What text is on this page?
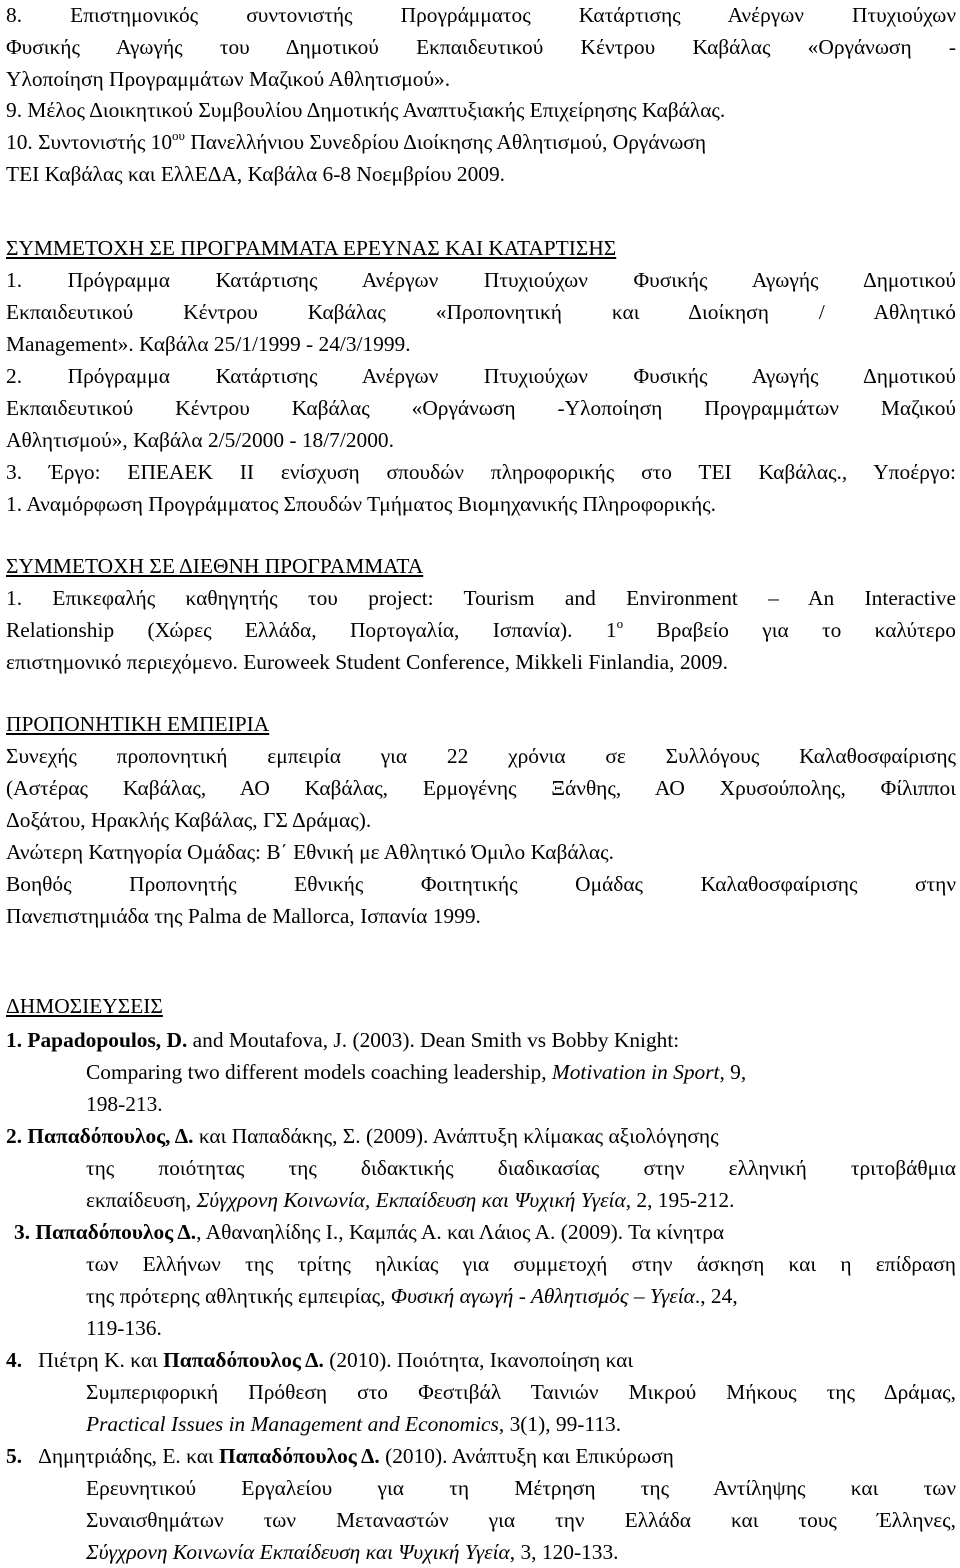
8. Επιστημονικός συντονιστής Προγράμματος Κατάρτισης Ανέργων Πτυχιούχων
Φυσικής Αγωγής του Δημοτικού Εκπαιδευτικού Κέντρου Καβάλας «Οργάνωση -
Υλοποίηση Προγραμμάτων Μαζικού Αθλητισμού».
9. Μέλος Διοικητικού Συμβουλίου Δημοτικής Αναπτυξιακής Επιχείρησης Καβάλας.
10. Συντονιστής $10^{o\upsilon}$ Πανελλήνιου Συνεδρίου Διοίκησης Αθλητισμού, Οργάνωση
ΤΕΙ Καβάλας και ΕλλΕΔΑ, Καβάλα 6-8 Νοεμβρίου 2009.
ΣΥΜΜΕΤΟΧΗ ΣΕ ΠΡΟΓΡΑΜΜΑΤΑ ΕΡΕΥΝΑΣ ΚΑΙ ΚΑΤΑΡΤΙΣΗΣ
1. Πρόγραμμα Κατάρτισης Ανέργων Πτυχιούχων Φυσικής Αγωγής Δημοτικού
Εκπαιδευτικού Κέντρου Καβάλας «Προπονητική και Διοίκηση / Αθλητικό
Management». Καβάλα 25/1/1999 - 24/3/1999.
2. Πρόγραμμα Κατάρτισης Ανέργων Πτυχιούχων Φυσικής Αγωγής Δημοτικού
Εκπαιδευτικού Κέντρου Καβάλας «Οργάνωση -Υλοποίηση Προγραμμάτων Μαζικού
Αθλητισμού», Καβάλα 2/5/2000 - 18/7/2000.
3. Έργο: ΕΠΕΑΕΚ ΙΙ ενίσχυση σπουδών πληροφορικής στο ΤΕΙ Καβάλας., Υποέργο:
1. Αναμόρφωση Προγράμματος Σπουδών Τμήματος Βιομηχανικής Πληροφορικής.
ΣΥΜΜΕΤΟΧΗ ΣΕ ΔΙΕΘΝΗ ΠΡΟΓΡΑΜΜΑΤΑ
1. Επικεφαλής καθηγητής του project: Tourism and Environment – An Interactive
Relationship (Χώρες Ελλάδα, Πορτογαλία, Ισπανία). $1^o$ Βραβείο για το καλύτερο
επιστημονικό περιεχόμενο. Euroweek Student Conference, Mikkeli Finlandia, 2009.
ΠΡΟΠΟΝΗΤΙΚΗ ΕΜΠΕΙΡΙΑ
Συνεχής προπονητική εμπειρία για 22 χρόνια σε Συλλόγους Καλαθοσφαίρισης
(Αστέρας Καβάλας, ΑΟ Καβάλας, Ερμογένης Ξάνθης, ΑΟ Χρυσούπολης, Φίλιπποι
Δοξάτου, Ηρακλής Καβάλας, ΓΣ Δράμας).
Ανώτερη Κατηγορία Ομάδας: Β΄ Εθνική με Αθλητικό Όμιλο Καβάλας.
Βοηθός Προπονητής Εθνικής Φοιτητικής Ομάδας Καλαθοσφαίρισης στην
Πανεπιστημιάδα της Palma de Mallorca, Ισπανία 1999.
ΔΗΜΟΣΙΕΥΣΕΙΣ
1. Papadopoulos, D. and Moutafova, J. (2003). Dean Smith vs Bobby Knight:
Comparing two different models coaching leadership, Motivation in Sport, 9,
198-213.
2. Παπαδόπουλος, Δ. και Παπαδάκης, Σ. (2009). Ανάπτυξη κλίμακας αξιολόγησης
της ποιότητας της διδακτικής διαδικασίας στην ελληνική τριτοβάθμια
εκπαίδευση, Σύγχρονη Κοινωνία, Εκπαίδευση και Ψυχική Υγεία, 2, 195-212.
3. Παπαδόπουλος Δ., Αθαναηλίδης Ι., Καμπάς Α. και Λάιος Α. (2009). Τα κίνητρα
των Ελλήνων της τρίτης ηλικίας για συμμετοχή στην άσκηση και η επίδραση
της πρότερης αθλητικής εμπειρίας, Φυσική αγωγή - Αθλητισμός – Υγεία., 24,
119-136.
4. Πιέτρη Κ. και Παπαδόπουλος Δ. (2010). Ποιότητα, Ικανοποίηση και
Συμπεριφορική Πρόθεση στο Φεστιβάλ Ταινιών Μικρού Μήκους της Δράμας,
Practical Issues in Management and Economics, 3(1), 99-113.
5. Δημητριάδης, Ε. και Παπαδόπουλος Δ. (2010). Ανάπτυξη και Επικύρωση
Ερευνητικού Εργαλείου για τη Μέτρηση της Αντίληψης και των
Συναισθημάτων των Μεταναστών για την Ελλάδα και τους Έλληνες,
Σύγχρονη Κοινωνία Εκπαίδευση και Ψυχική Υγεία, 3, 120-133.
